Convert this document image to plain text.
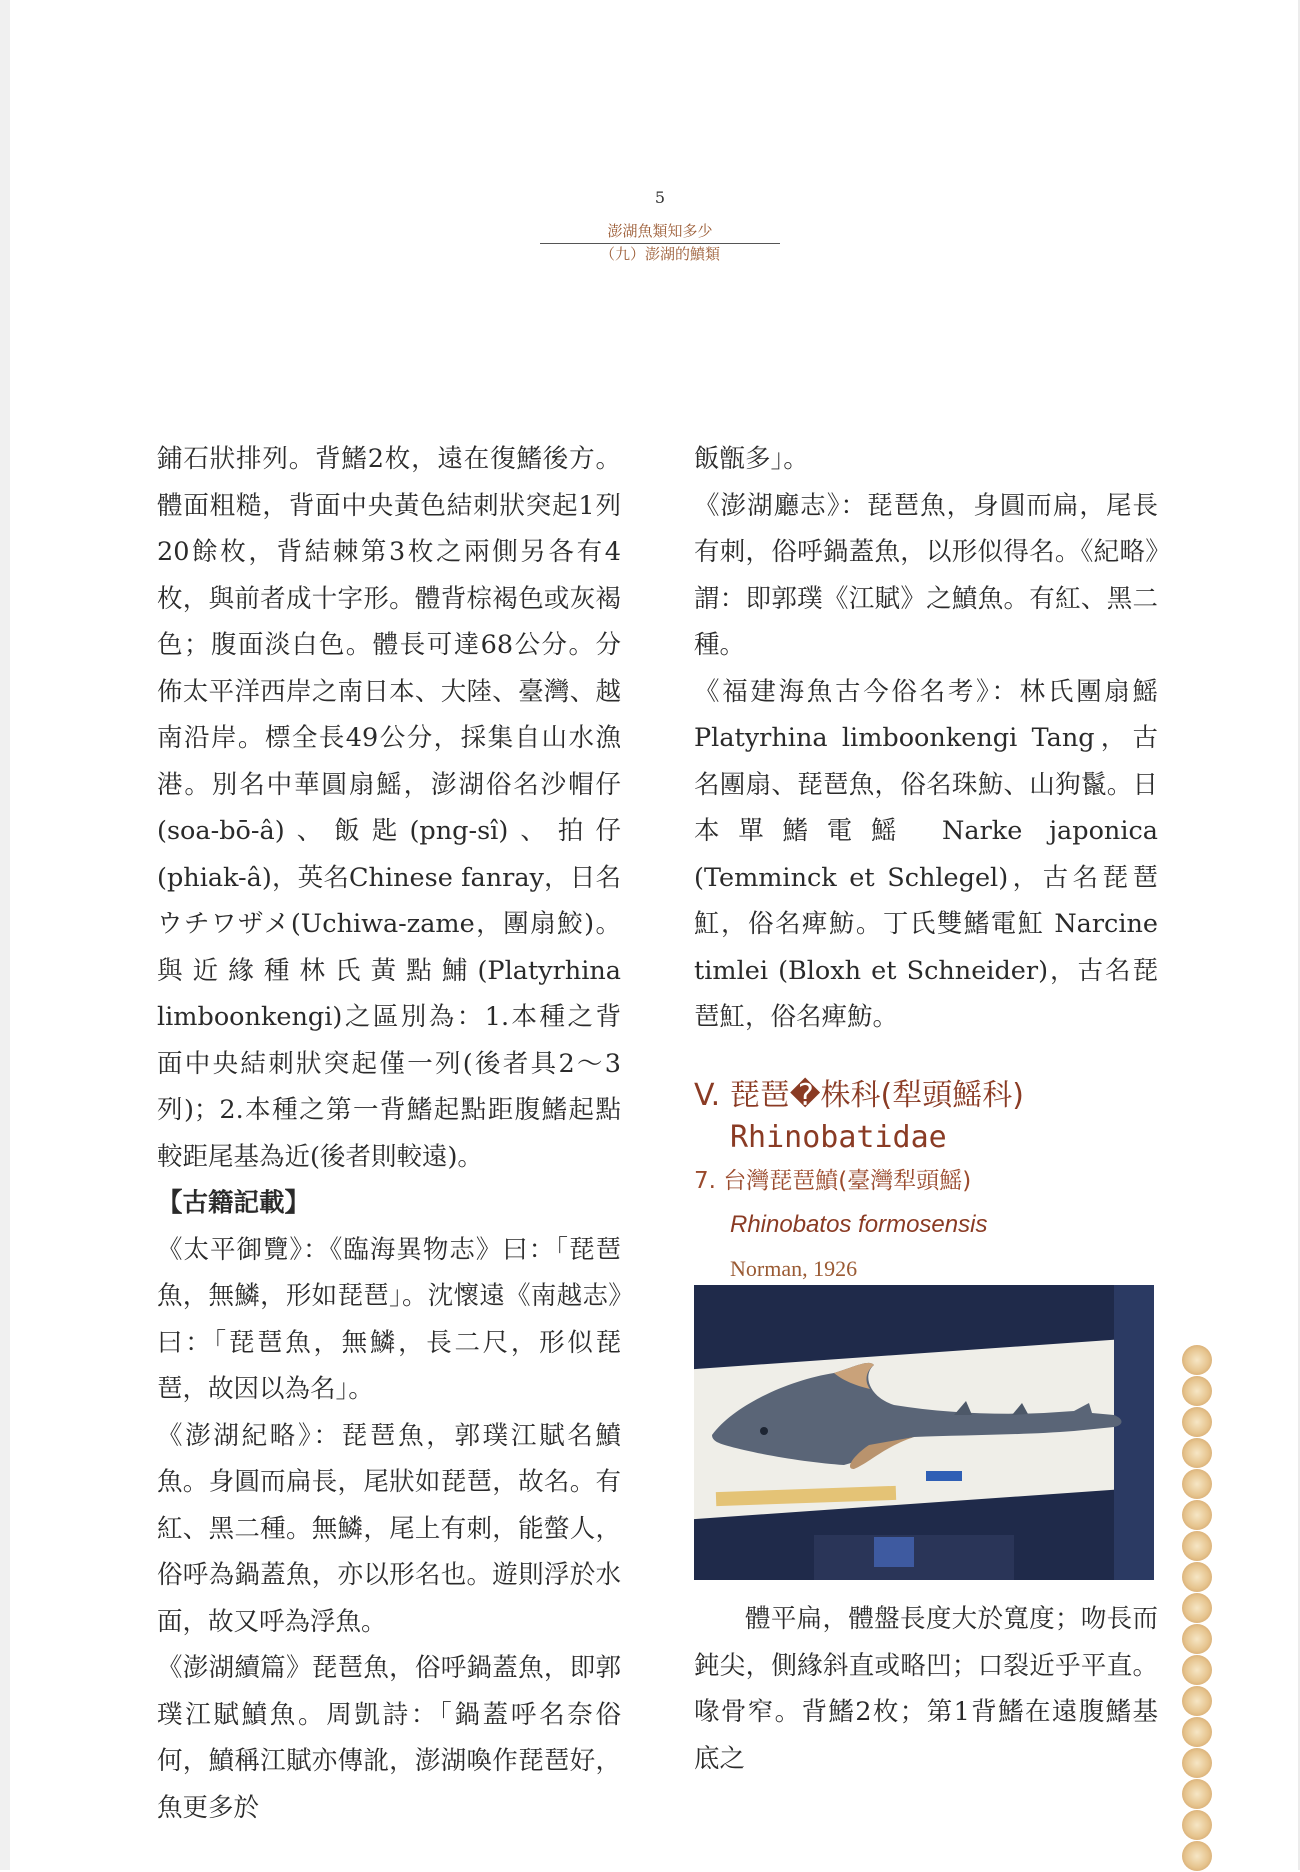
5
澎湖魚類知多少
（九）澎湖的鱝類

鋪石狀排列。背鰭2枚，遠在復鰭後方。體面粗糙，背面中央黃色結刺狀突起1列20餘枚，背結棘第3枚之兩側另各有4枚，與前者成十字形。體背棕褐色或灰褐色；腹面淡白色。體長可達68公分。分佈太平洋西岸之南日本、大陸、臺灣、越南沿岸。標全長49公分，採集自山水漁港。別名中華圓扇鰩，澎湖俗名沙帽仔(soa-bō-â)、飯匙(png-sî)、拍仔(phiak-â)，英名Chinese fanray，日名ウチワザメ(Uchiwa-zame，團扇鮫)。與近緣種林氏黃點鯆(Platyrhina limboonkengi)之區別為：1.本種之背面中央結刺狀突起僅一列(後者具2～3列)；2.本種之第一背鰭起點距腹鰭起點較距尾基為近(後者則較遠)。

【古籍記載】

《太平御覽》：《臨海異物志》曰：「琵琶魚，無鱗，形如琵琶」。沈懷遠《南越志》曰：「琵琶魚，無鱗，長二尺，形似琵琶，故因以為名」。

《澎湖紀略》：琵琶魚，郭璞江賦名鱝魚。身圓而扁長，尾狀如琵琶，故名。有紅、黑二種。無鱗，尾上有刺，能螫人，俗呼為鍋蓋魚，亦以形名也。遊則浮於水面，故又呼為浮魚。

《澎湖續篇》琵琶魚，俗呼鍋蓋魚，即郭璞江賦鱝魚。周凱詩：「鍋蓋呼名奈俗何，鱝稱江賦亦傳訛，澎湖喚作琵琶好，魚更多於

飯甑多」。

《澎湖廳志》：琵琶魚，身圓而扁，尾長有刺，俗呼鍋蓋魚，以形似得名。《紀略》謂：即郭璞《江賦》之鱝魚。有紅、黑二種。

《福建海魚古今俗名考》：林氏團扇鰩 Platyrhina limboonkengi Tang，古名團扇、琵琶魚，俗名珠魴、山狗鬣。日本單鰭電鰩 Narke japonica (Temminck et Schlegel)，古名琵琶魟，俗名痺魴。丁氏雙鰭電魟 Narcine timlei (Bloxh et Schneider)，古名琵琶魟，俗名痺魴。

V. 琵琶�株科(犁頭鰩科)
Rhinobatidae
7. 台灣琵琶鱝(臺灣犁頭鰩)
Rhinobatos formosensis
Norman, 1926

體平扁，體盤長度大於寬度；吻長而鈍尖，側緣斜直或略凹；口裂近乎平直。喙骨窄。背鰭2枚；第1背鰭在遠腹鰭基底之
